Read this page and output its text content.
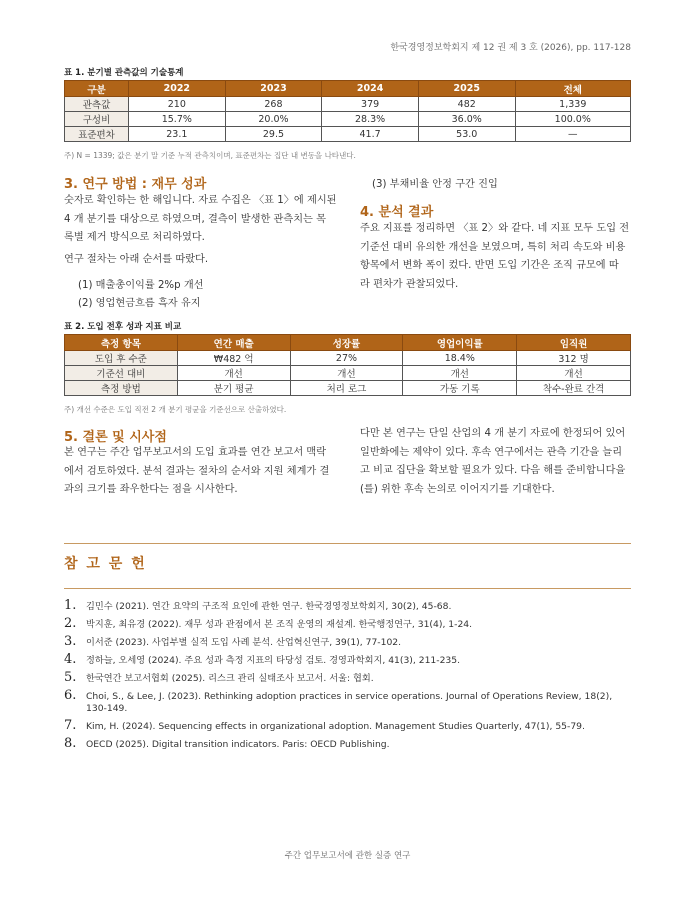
한국경영정보학회지 제 12 권 제 3 호 (2026), pp. 117-128
표 1. 분기별 관측값의 기술통계
구분	2022	2023	2024	2025	전체
관측값	210	268	379	482	1,339
구성비	15.7%	20.0%	28.3%	36.0%	100.0%
표준편차	23.1	29.5	41.7	53.0	—
주) N = 1339; 값은 분기 말 기준 누적 관측치이며, 표준편차는 집단 내 변동을 나타낸다.
3. 연구 방법 : 재무 성과
숫자로 확인하는 한 해입니다. 자료 수집은 〈표 1〉에 제시된
4 개 분기를 대상으로 하였으며, 결측이 발생한 관측치는 목
록별 제거 방식으로 처리하였다.
연구 절차는 아래 순서를 따랐다.
(1) 매출총이익률 2%p 개선
(2) 영업현금흐름 흑자 유지
(3) 부채비율 안정 구간 진입
4. 분석 결과
주요 지표를 정리하면 〈표 2〉와 같다. 네 지표 모두 도입 전
기준선 대비 유의한 개선을 보였으며, 특히 처리 속도와 비용
항목에서 변화 폭이 컸다. 반면 도입 기간은 조직 규모에 따
라 편차가 관찰되었다.
표 2. 도입 전후 성과 지표 비교
측정 항목	연간 매출	성장률	영업이익률	임직원
도입 후 수준	₩482 억	27%	18.4%	312 명
기준선 대비	개선	개선	개선	개선
측정 방법	분기 평균	처리 로그	가동 기록	착수-완료 간격
주) 개선 수준은 도입 직전 2 개 분기 평균을 기준선으로 산출하였다.
5. 결론 및 시사점
본 연구는 주간 업무보고서의 도입 효과를 연간 보고서 맥락
에서 검토하였다. 분석 결과는 절차의 순서와 지원 체계가 결
과의 크기를 좌우한다는 점을 시사한다.
다만 본 연구는 단일 산업의 4 개 분기 자료에 한정되어 있어
일반화에는 제약이 있다. 후속 연구에서는 관측 기간을 늘리
고 비교 집단을 확보할 필요가 있다. 다음 해를 준비합니다을
(를) 위한 후속 논의로 이어지기를 기대한다.
참 고 문 헌
1.	김민수 (2021). 연간 요약의 구조적 요인에 관한 연구. 한국경영정보학회지, 30(2), 45-68.
2.	박지훈, 최유경 (2022). 재무 성과 관점에서 본 조직 운영의 재설계. 한국행정연구, 31(4), 1-24.
3.	이서준 (2023). 사업부별 실적 도입 사례 분석. 산업혁신연구, 39(1), 77-102.
4.	정하늘, 오세영 (2024). 주요 성과 측정 지표의 타당성 검토. 경영과학회지, 41(3), 211-235.
5.	한국연간 보고서협회 (2025). 리스크 관리 실태조사 보고서. 서울: 협회.
6.	Choi, S., & Lee, J. (2023). Rethinking adoption practices in service operations. Journal of Operations Review, 18(2), 130-149.
7.	Kim, H. (2024). Sequencing effects in organizational adoption. Management Studies Quarterly, 47(1), 55-79.
8.	OECD (2025). Digital transition indicators. Paris: OECD Publishing.
주간 업무보고서에 관한 실증 연구
